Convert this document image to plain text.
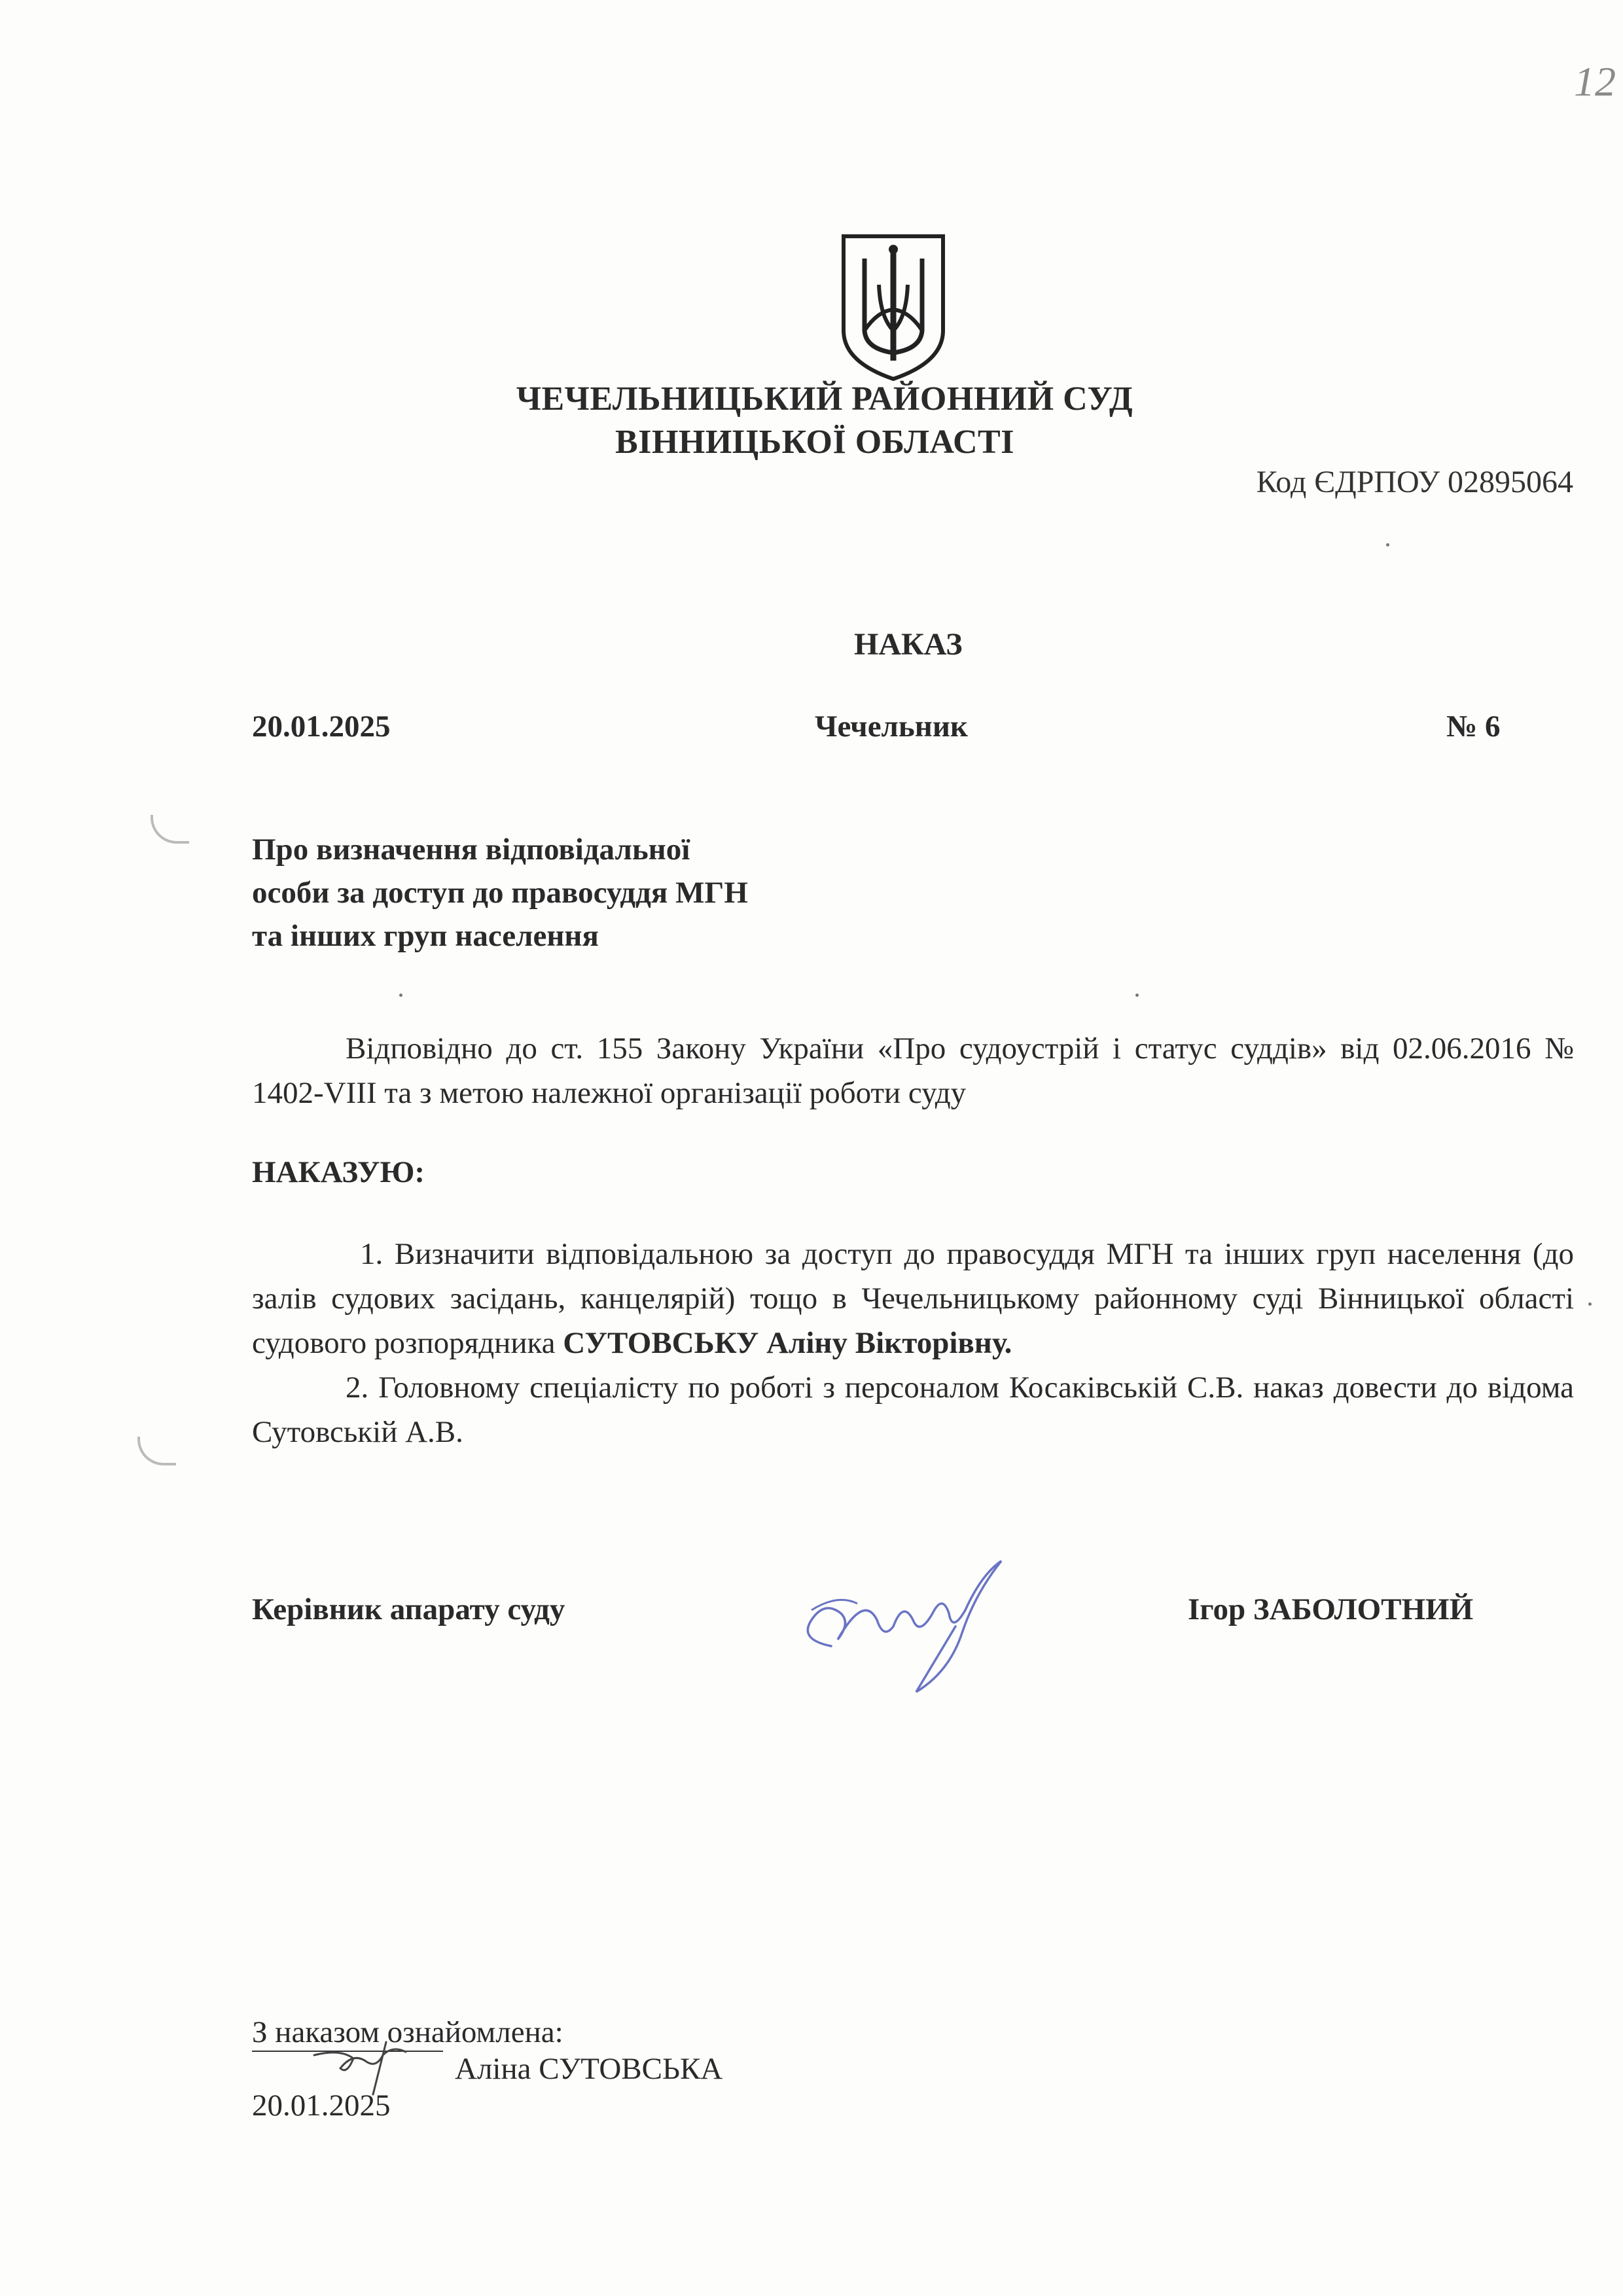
12
ЧЕЧЕЛЬНИЦЬКИЙ РАЙОННИЙ СУД
ВІННИЦЬКОЇ ОБЛАСТІ
Код ЄДРПОУ 02895064
НАКАЗ
20.01.2025	Чечельник	№ 6
Про визначення відповідальної
особи за доступ до правосуддя МГН
та інших груп населення
Відповідно до ст. 155 Закону України «Про судоустрій і статус суддів» від 02.06.2016 № 1402-VIII та з метою належної організації роботи суду
НАКАЗУЮ:

1. Визначити відповідальною за доступ до правосуддя МГН та інших груп населення (до залів судових засідань, канцелярій) тощо в Чечельницькому районному суді Вінницької області судового розпорядника СУТОВСЬКУ Аліну Вікторівну.

2. Головному спеціалісту по роботі з персоналом Косаківській С.В. наказ довести до відома Сутовській А.В.

Керівник апарату суду	Ігор ЗАБОЛОТНИЙ
З наказом ознайомлена:
Аліна СУТОВСЬКА
20.01.2025
